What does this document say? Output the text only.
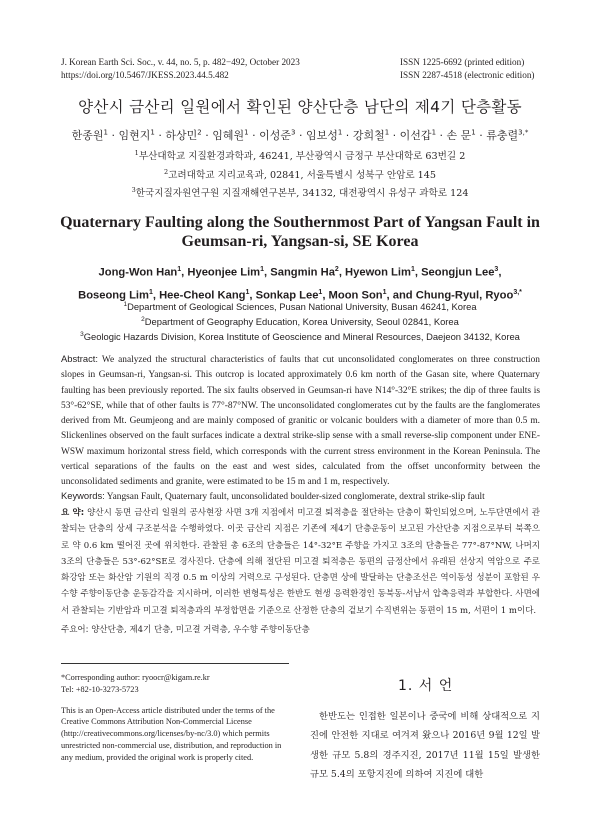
J. Korean Earth Sci. Soc., v. 44, no. 5, p. 482−492, October 2023
https://doi.org/10.5467/JKESS.2023.44.5.482
ISSN 1225-6692 (printed edition)
ISSN 2287-4518 (electronic edition)
양산시 금산리 일원에서 확인된 양산단층 남단의 제4기 단층활동
한종원$^1$ · 임현지$^1$ · 하상민$^2$ · 임혜원$^1$ · 이성준$^3$ · 임보성$^1$ · 강희철$^1$ · 이선갑$^1$ · 손 문$^1$ · 류충렬$^{3,*}$
$^1$부산대학교 지질환경과학과, 46241, 부산광역시 금정구 부산대학로 63번길 2
$^2$고려대학교 지리교육과, 02841, 서울특별시 성북구 안암로 145
$^3$한국지질자원연구원 지질재해연구본부, 34132, 대전광역시 유성구 과학로 124
Quaternary Faulting along the Southernmost Part of Yangsan Fault in
Geumsan-ri, Yangsan-si, SE Korea
Jong-Won Han$^1$, Hyeonjee Lim$^1$, Sangmin Ha$^2$, Hyewon Lim$^1$, Seongjun Lee$^3$,
Boseong Lim$^1$, Hee-Cheol Kang$^1$, Sonkap Lee$^1$, Moon Son$^1$, and Chung-Ryul, Ryoo$^{3,*}$
$^1$Department of Geological Sciences, Pusan National University, Busan 46241, Korea
$^2$Department of Geography Education, Korea University, Seoul 02841, Korea
$^3$Geologic Hazards Division, Korea Institute of Geoscience and Mineral Resources, Daejeon 34132, Korea
Abstract: We analyzed the structural characteristics of faults that cut unconsolidated conglomerates on three construction slopes in Geumsan-ri, Yangsan-si. This outcrop is located approximately 0.6 km north of the Gasan site, where Quaternary faulting has been previously reported. The six faults observed in Geumsan-ri have N14°-32°E strikes; the dip of three faults is 53°-62°SE, while that of other faults is 77°-87°NW. The unconsolidated conglomerates cut by the faults are the fanglomerates derived from Mt. Geumjeong and are mainly composed of granitic or volcanic boulders with a diameter of more than 0.5 m. Slickenlines observed on the fault surfaces indicate a dextral strike-slip sense with a small reverse-slip component under ENE-WSW maximum horizontal stress field, which corresponds with the current stress environment in the Korean Peninsula. The vertical separations of the faults on the east and west sides, calculated from the offset unconformity between the unconsolidated sediments and granite, were estimated to be 15 m and 1 m, respectively.
Keywords: Yangsan Fault, Quaternary fault, unconsolidated boulder-sized conglomerate, dextral strike-slip fault
요 약: 양산시 동면 금산리 일원의 공사현장 사면 3개 지점에서 미고결 퇴적층을 절단하는 단층이 확인되었으며, 노두단면에서 관찰되는 단층의 상세 구조분석을 수행하였다. 이곳 금산리 지점은 기존에 제4기 단층운동이 보고된 가산단층 지점으로부터 북쪽으로 약 0.6 km 떨어진 곳에 위치한다. 관찰된 총 6조의 단층들은 14°-32°E 주향을 가지고 3조의 단층들은 77°-87°NW, 나머지 3조의 단층들은 53°-62°SE로 경사진다. 단층에 의해 절단된 미고결 퇴적층은 동편의 금정산에서 유래된 선상지 역암으로 주로 화강암 또는 화산암 기원의 직경 0.5 m 이상의 거력으로 구성된다. 단층면 상에 발달하는 단층조선은 역이동성 성분이 포함된 우수향 주향이동단층 운동감각을 지시하며, 이러한 변형특성은 한반도 현생 응력환경인 동북동-서남서 압축응력과 부합한다. 사면에서 관찰되는 기반암과 미고결 퇴적층과의 부정합면을 기준으로 산정한 단층의 겉보기 수직변위는 동편이 15 m, 서편이 1 m이다.
주요어: 양산단층, 제4기 단층, 미고결 거력층, 우수향 주향이동단층
*Corresponding author: ryoocr@kigam.re.kr
Tel: +82-10-3273-5723
This is an Open-Access article distributed under the terms of the Creative Commons Attribution Non-Commercial License (http://creativecommons.org/licenses/by-nc/3.0) which permits unrestricted non-commercial use, distribution, and reproduction in any medium, provided the original work is properly cited.
1. 서 언
한반도는 인접한 일본이나 중국에 비해 상대적으로 지진에 안전한 지대로 여겨져 왔으나 2016년 9월 12일 발생한 규모 5.8의 경주지진, 2017년 11월 15일 발생한 규모 5.4의 포항지진에 의하여 지진에 대한
